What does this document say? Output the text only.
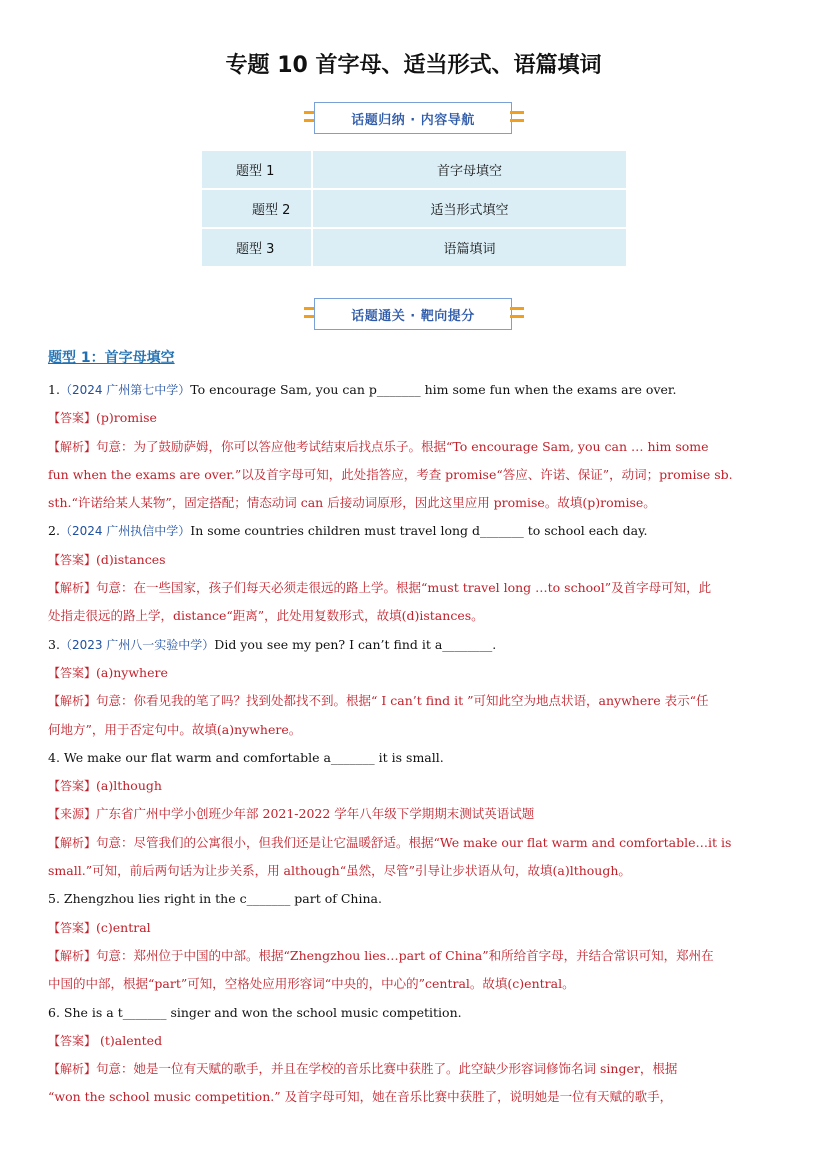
专题 10 首字母、适当形式、语篇填词
话题归纳 · 内容导航
题型 1	首字母填空
题型 2	适当形式填空
题型 3	语篇填词
话题通关 · 靶向提分
题型 1：首字母填空
1.（2024 广州第七中学）To encourage Sam, you can p_______ him some fun when the exams are over.
【答案】(p)romise
【解析】句意：为了鼓励萨姆，你可以答应他考试结束后找点乐子。根据“To encourage Sam, you can … him some
fun when the exams are over.”以及首字母可知，此处指答应，考查 promise“答应、许诺、保证”，动词；promise sb.
sth.“许诺给某人某物”，固定搭配；情态动词 can 后接动词原形，因此这里应用 promise。故填(p)romise。
2.（2024 广州执信中学）In some countries children must travel long d_______ to school each day.
【答案】(d)istances
【解析】句意：在一些国家，孩子们每天必须走很远的路上学。根据“must travel long …to school”及首字母可知，此
处指走很远的路上学，distance“距离”，此处用复数形式，故填(d)istances。
3.（2023 广州八一实验中学）Did you see my pen? I can’t find it a________.
【答案】(a)nywhere
【解析】句意：你看见我的笔了吗？找到处都找不到。根据“ I can’t find it ”可知此空为地点状语，anywhere 表示“任
何地方”，用于否定句中。故填(a)nywhere。
4. We make our flat warm and comfortable a_______ it is small.
【答案】(a)lthough
【来源】广东省广州中学小创班少年部 2021-2022 学年八年级下学期期末测试英语试题
【解析】句意：尽管我们的公寓很小，但我们还是让它温暖舒适。根据“We make our flat warm and comfortable…it is
small.”可知，前后两句话为让步关系，用 although“虽然，尽管”引导让步状语从句，故填(a)lthough。
5. Zhengzhou lies right in the c_______ part of China.
【答案】(c)entral
【解析】句意：郑州位于中国的中部。根据“Zhengzhou lies…part of China”和所给首字母，并结合常识可知，郑州在
中国的中部，根据“part”可知，空格处应用形容词“中央的，中心的”central。故填(c)entral。
6. She is a t_______ singer and won the school music competition.
【答案】 (t)alented
【解析】句意：她是一位有天赋的歌手，并且在学校的音乐比赛中获胜了。此空缺少形容词修饰名词 singer，根据
“won the school music competition.” 及首字母可知，她在音乐比赛中获胜了，说明她是一位有天赋的歌手，
